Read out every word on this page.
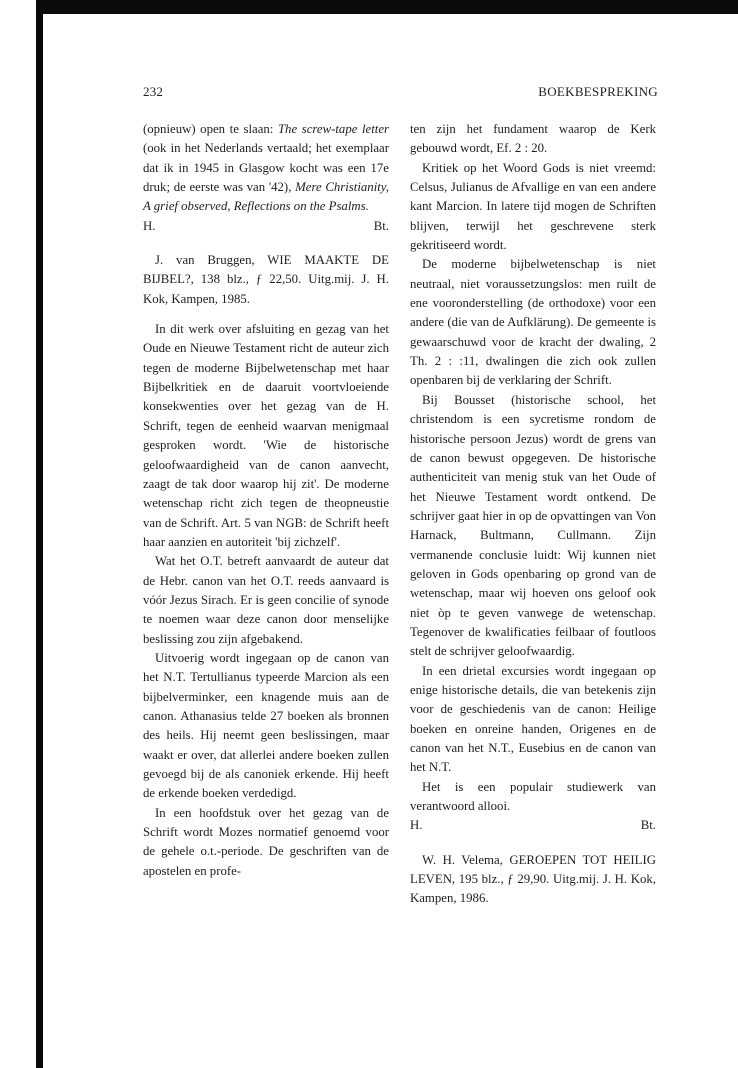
232	BOEKBESPREKING

(opnieuw) open te slaan: The screw-tape letter (ook in het Nederlands vertaald; het exemplaar dat ik in 1945 in Glasgow kocht was een 17e druk; de eerste was van '42), Mere Christianity, A grief observed, Reflections on the Psalms.

H.	Bt.

J. van Bruggen, WIE MAAKTE DE BIJBEL?, 138 blz., ƒ 22,50. Uitg.mij. J. H. Kok, Kampen, 1985.

In dit werk over afsluiting en gezag van het Oude en Nieuwe Testament richt de auteur zich tegen de moderne Bijbelwetenschap met haar Bijbelkritiek en de daaruit voortvloeiende konsekwenties over het gezag van de H. Schrift, tegen de eenheid waarvan menigmaal gesproken wordt. 'Wie de historische geloofwaardigheid van de canon aanvecht, zaagt de tak door waarop hij zit'. De moderne wetenschap richt zich tegen de theopneustie van de Schrift. Art. 5 van NGB: de Schrift heeft haar aanzien en autoriteit 'bij zichzelf'.

Wat het O.T. betreft aanvaardt de auteur dat de Hebr. canon van het O.T. reeds aanvaard is vóór Jezus Sirach. Er is geen concilie of synode te noemen waar deze canon door menselijke beslissing zou zijn afgebakend.

Uitvoerig wordt ingegaan op de canon van het N.T. Tertullianus typeerde Marcion als een bijbelverminker, een knagende muis aan de canon. Athanasius telde 27 boeken als bronnen des heils. Hij neemt geen beslissingen, maar waakt er over, dat allerlei andere boeken zullen gevoegd bij de als canoniek erkende. Hij heeft de erkende boeken verdedigd.

In een hoofdstuk over het gezag van de Schrift wordt Mozes normatief genoemd voor de gehele o.t.-periode. De geschriften van de apostelen en profe-

ten zijn het fundament waarop de Kerk gebouwd wordt, Ef. 2 : 20.

Kritiek op het Woord Gods is niet vreemd: Celsus, Julianus de Afvallige en van een andere kant Marcion. In latere tijd mogen de Schriften blijven, terwijl het geschrevene sterk gekritiseerd wordt.

De moderne bijbelwetenschap is niet neutraal, niet voraussetzungslos: men ruilt de ene vooronderstelling (de orthodoxe) voor een andere (die van de Aufklärung). De gemeente is gewaarschuwd voor de kracht der dwaling, 2 Th. 2 : :11, dwalingen die zich ook zullen openbaren bij de verklaring der Schrift.

Bij Bousset (historische school, het christendom is een sycretisme rondom de historische persoon Jezus) wordt de grens van de canon bewust opgegeven. De historische authenticiteit van menig stuk van het Oude of het Nieuwe Testament wordt ontkend. De schrijver gaat hier in op de opvattingen van Von Harnack, Bultmann, Cullmann. Zijn vermanende conclusie luidt: Wij kunnen niet geloven in Gods openbaring op grond van de wetenschap, maar wij hoeven ons geloof ook niet òp te geven vanwege de wetenschap. Tegenover de kwalificaties feilbaar of foutloos stelt de schrijver geloofwaardig.

In een drietal excursies wordt ingegaan op enige historische details, die van betekenis zijn voor de geschiedenis van de canon: Heilige boeken en onreine handen, Origenes en de canon van het N.T., Eusebius en de canon van het N.T.

Het is een populair studiewerk van verantwoord allooi.

H.	Bt.

W. H. Velema, GEROEPEN TOT HEILIG LEVEN, 195 blz., ƒ 29,90. Uitg.mij. J. H. Kok, Kampen, 1986.
